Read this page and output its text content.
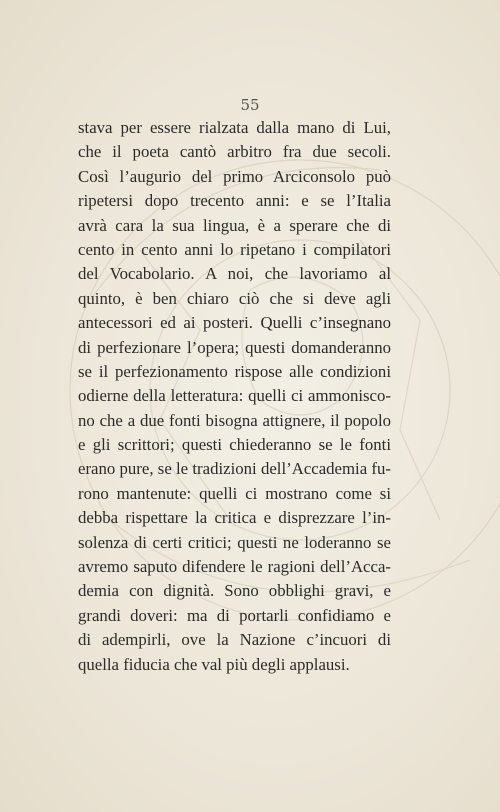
55
stava per essere rialzata dalla mano di Lui,
che il poeta cantò arbitro fra due secoli.
Così l’augurio del primo Arciconsolo può
ripetersi dopo trecento anni: e se l’Italia
avrà cara la sua lingua, è a sperare che di
cento in cento anni lo ripetano i compilatori
del Vocabolario. A noi, che lavoriamo al
quinto, è ben chiaro ciò che si deve agli
antecessori ed ai posteri. Quelli c’insegnano
di perfezionare l’opera; questi domanderanno
se il perfezionamento rispose alle condizioni
odierne della letteratura: quelli ci ammonisco-
no che a due fonti bisogna attignere, il popolo
e gli scrittori; questi chiederanno se le fonti
erano pure, se le tradizioni dell’Accademia fu-
rono mantenute: quelli ci mostrano come si
debba rispettare la critica e disprezzare l’in-
solenza di certi critici; questi ne loderanno se
avremo saputo difendere le ragioni dell’Acca-
demia con dignità. Sono obblighi gravi, e
grandi doveri: ma di portarli confidiamo e
di adempirli, ove la Nazione c’incuori di
quella fiducia che val più degli applausi.
